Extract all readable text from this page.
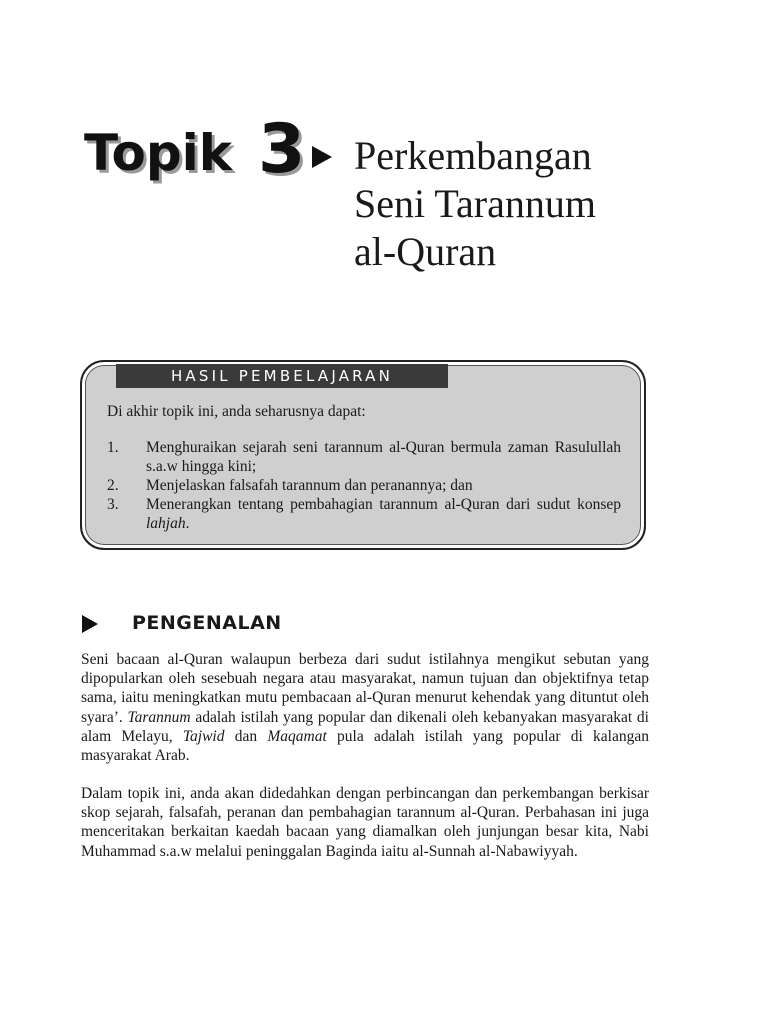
Topik 3 Perkembangan
Seni Tarannum
al-Quran
HASIL PEMBELAJARAN
Di akhir topik ini, anda seharusnya dapat:
1. Menghuraikan sejarah seni tarannum al-Quran bermula zaman Rasulullah s.a.w hingga kini;
2. Menjelaskan falsafah tarannum dan peranannya; dan
3. Menerangkan tentang pembahagian tarannum al-Quran dari sudut konsep lahjah.
PENGENALAN

Seni bacaan al-Quran walaupun berbeza dari sudut istilahnya mengikut sebutan yang dipopularkan oleh sesebuah negara atau masyarakat, namun tujuan dan objektifnya tetap sama, iaitu meningkatkan mutu pembacaan al-Quran menurut kehendak yang dituntut oleh syara’. Tarannum adalah istilah yang popular dan dikenali oleh kebanyakan masyarakat di alam Melayu, Tajwid dan Maqamat pula adalah istilah yang popular di kalangan masyarakat Arab.

Dalam topik ini, anda akan didedahkan dengan perbincangan dan perkembangan berkisar skop sejarah, falsafah, peranan dan pembahagian tarannum al-Quran. Perbahasan ini juga menceritakan berkaitan kaedah bacaan yang diamalkan oleh junjungan besar kita, Nabi Muhammad s.a.w melalui peninggalan Baginda iaitu al-Sunnah al-Nabawiyyah.
